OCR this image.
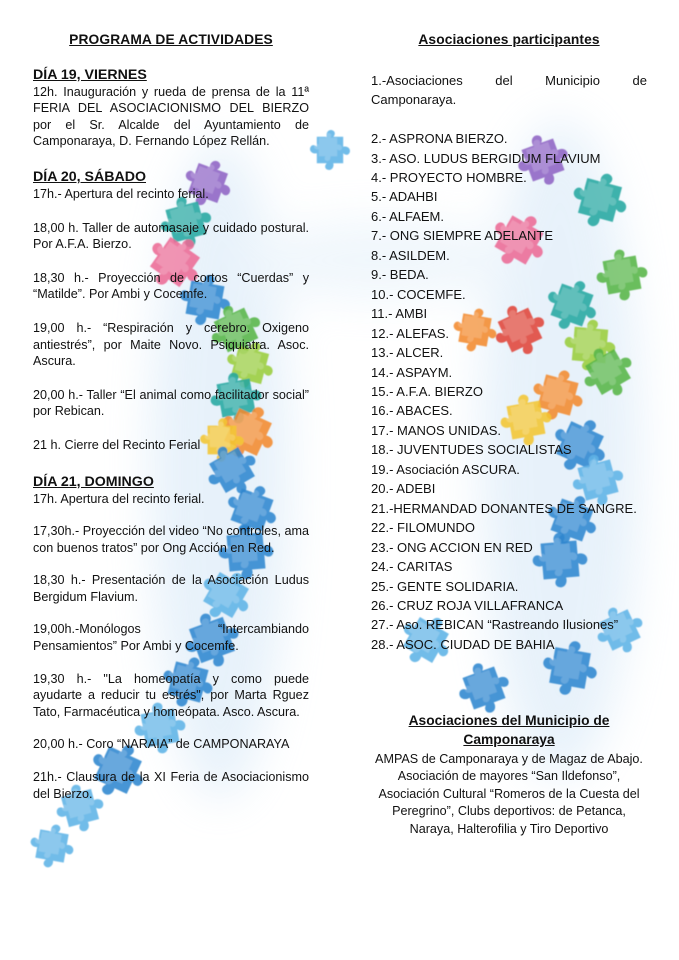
PROGRAMA DE ACTIVIDADES
DÍA 19, VIERNES

12h. Inauguración y rueda de prensa de la 11ª FERIA DEL ASOCIACIONISMO DEL BIERZO por el Sr. Alcalde del Ayuntamiento de Camponaraya, D. Fernando López Rellán.

DÍA 20, SÁBADO

17h.- Apertura del recinto ferial.

18,00 h. Taller de automasaje y cuidado postural. Por A.F.A. Bierzo.

18,30 h.- Proyección de cortos “Cuerdas” y “Matilde”. Por Ambi y Cocemfe.

19,00 h.- “Respiración y cerebro. Oxigeno antiestrés”, por Maite Novo. Psiquiatra. Asoc. Ascura.

20,00 h.- Taller “El animal como facilitador social” por Rebican.

21 h. Cierre del Recinto Ferial

DÍA 21, DOMINGO

17h. Apertura del recinto ferial.

17,30h.- Proyección del video “No controles, ama con buenos tratos” por Ong Acción en Red.

18,30 h.- Presentación de la Asociación Ludus Bergidum Flavium.

19,00h.-Monólogos “Intercambiando Pensamientos” Por Ambi y Cocemfe.

19,30 h.- "La homeopatía y como puede ayudarte a reducir tu estrés", por Marta Rguez Tato, Farmacéutica y homeópata. Asco. Ascura.

20,00 h.- Coro “NARAIA” de CAMPONARAYA

21h.- Clausura de la XI Feria de Asociacionismo del Bierzo.

Asociaciones participantes
1.-Asociaciones del Municipio de Camponaraya.
2.- ASPRONA BIERZO.
3.- ASO. LUDUS BERGIDUM FLAVIUM
4.- PROYECTO HOMBRE.
5.- ADAHBI
6.- ALFAEM.
7.- ONG SIEMPRE ADELANTE
8.- ASILDEM.
9.- BEDA.
10.- COCEMFE.
11.- AMBI
12.- ALEFAS.
13.- ALCER.
14.- ASPAYM.
15.- A.F.A. BIERZO
16.- ABACES.
17.- MANOS UNIDAS.
18.- JUVENTUDES SOCIALISTAS
19.- Asociación ASCURA.
20.- ADEBI
21.-HERMANDAD DONANTES DE SANGRE.
22.- FILOMUNDO
23.- ONG ACCION EN RED
24.- CARITAS
25.- GENTE SOLIDARIA.
26.- CRUZ ROJA VILLAFRANCA
27.- Aso. REBICAN “Rastreando Ilusiones”
28.- ASOC. CIUDAD DE BAHIA
Asociaciones del Municipio de
Camponaraya

AMPAS de Camponaraya y de Magaz de Abajo. Asociación de mayores “San Ildefonso”, Asociación Cultural “Romeros de la Cuesta del Peregrino”, Clubs deportivos: de Petanca, Naraya, Halterofilia y Tiro Deportivo
